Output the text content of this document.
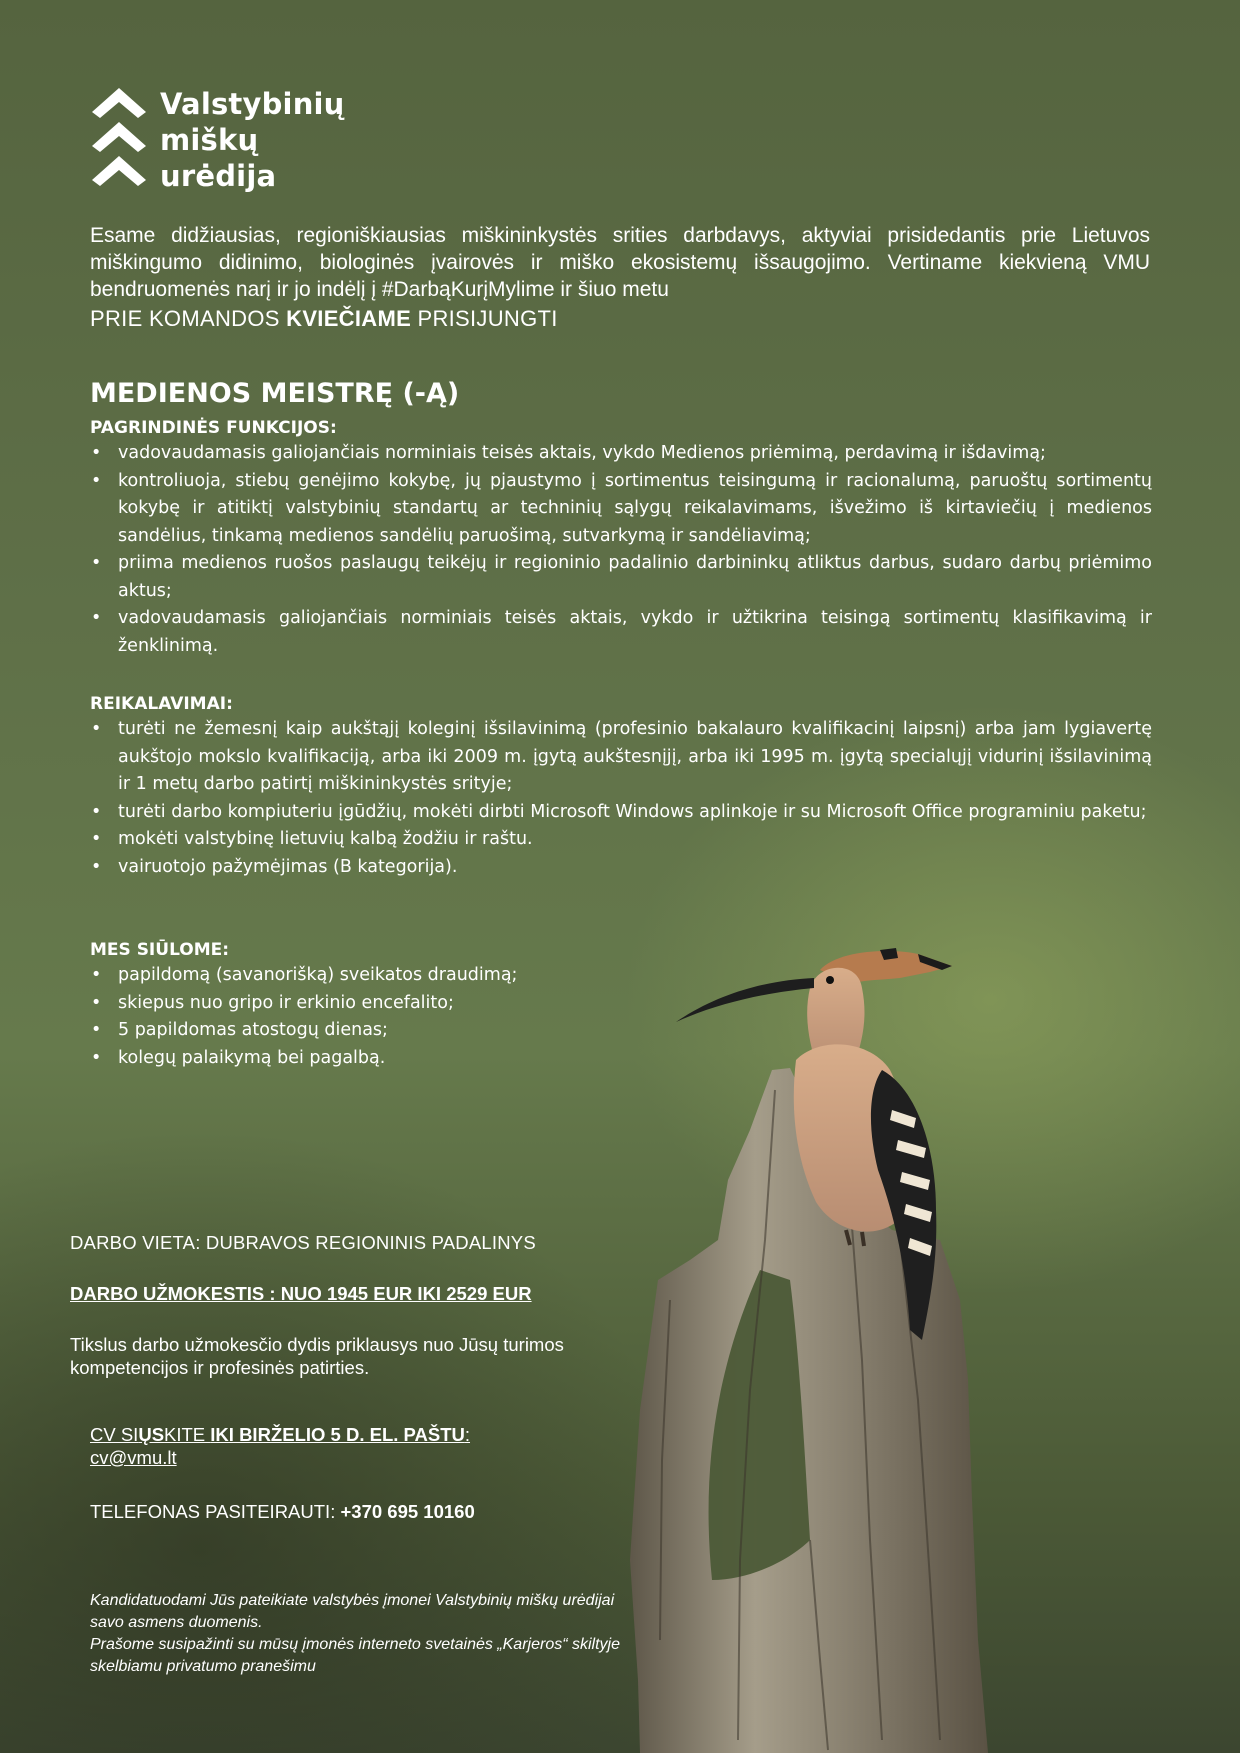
Valstybinių
miškų
urėdija
Esame didžiausias, regioniškiausias miškininkystės srities darbdavys, aktyviai prisidedantis prie Lietuvos miškingumo didinimo, biologinės įvairovės ir miško ekosistemų išsaugojimo. Vertiname kiekvieną VMU bendruomenės narį ir jo indėlį į #DarbąKurįMylime ir šiuo metu
PRIE KOMANDOS KVIEČIAME PRISIJUNGTI
MEDIENOS MEISTRĘ (-Ą)
PAGRINDINĖS FUNKCIJOS:
• vadovaudamasis galiojančiais norminiais teisės aktais, vykdo Medienos priėmimą, perdavimą ir išdavimą;
• kontroliuoja, stiebų genėjimo kokybę, jų pjaustymo į sortimentus teisingumą ir racionalumą, paruoštų sortimentų kokybę ir atitiktį valstybinių standartų ar techninių sąlygų reikalavimams, išvežimo iš kirtaviečių į medienos sandėlius, tinkamą medienos sandėlių paruošimą, sutvarkymą ir sandėliavimą;
• priima medienos ruošos paslaugų teikėjų ir regioninio padalinio darbininkų atliktus darbus, sudaro darbų priėmimo aktus;
• vadovaudamasis galiojančiais norminiais teisės aktais, vykdo ir užtikrina teisingą sortimentų klasifikavimą ir ženklinimą.
REIKALAVIMAI:
• turėti ne žemesnį kaip aukštąjį koleginį išsilavinimą (profesinio bakalauro kvalifikacinį laipsnį) arba jam lygiavertę aukštojo mokslo kvalifikaciją, arba iki 2009 m. įgytą aukštesnįjį, arba iki 1995 m. įgytą specialųjį vidurinį išsilavinimą ir 1 metų darbo patirtį miškininkystės srityje;
• turėti darbo kompiuteriu įgūdžių, mokėti dirbti Microsoft Windows aplinkoje ir su Microsoft Office programiniu paketu;
• mokėti valstybinę lietuvių kalbą žodžiu ir raštu.
• vairuotojo pažymėjimas (B kategorija).
MES SIŪLOME:
• papildomą (savanorišką) sveikatos draudimą;
• skiepus nuo gripo ir erkinio encefalito;
• 5 papildomas atostogų dienas;
• kolegų palaikymą bei pagalbą.
DARBO VIETA: DUBRAVOS REGIONINIS PADALINYS
DARBO UŽMOKESTIS : NUO 1945 EUR IKI 2529 EUR
Tikslus darbo užmokesčio dydis priklausys nuo Jūsų turimos kompetencijos ir profesinės patirties.
CV SIŲSKITE IKI BIRŽELIO 5 D. EL. PAŠTU:
cv@vmu.lt
TELEFONAS PASITEIRAUTI: +370 695 10160
Kandidatuodami Jūs pateikiate valstybės įmonei Valstybinių miškų urėdijai savo asmens duomenis.
Prašome susipažinti su mūsų įmonės interneto svetainės „Karjeros“ skiltyje skelbiamu privatumo pranešimu
